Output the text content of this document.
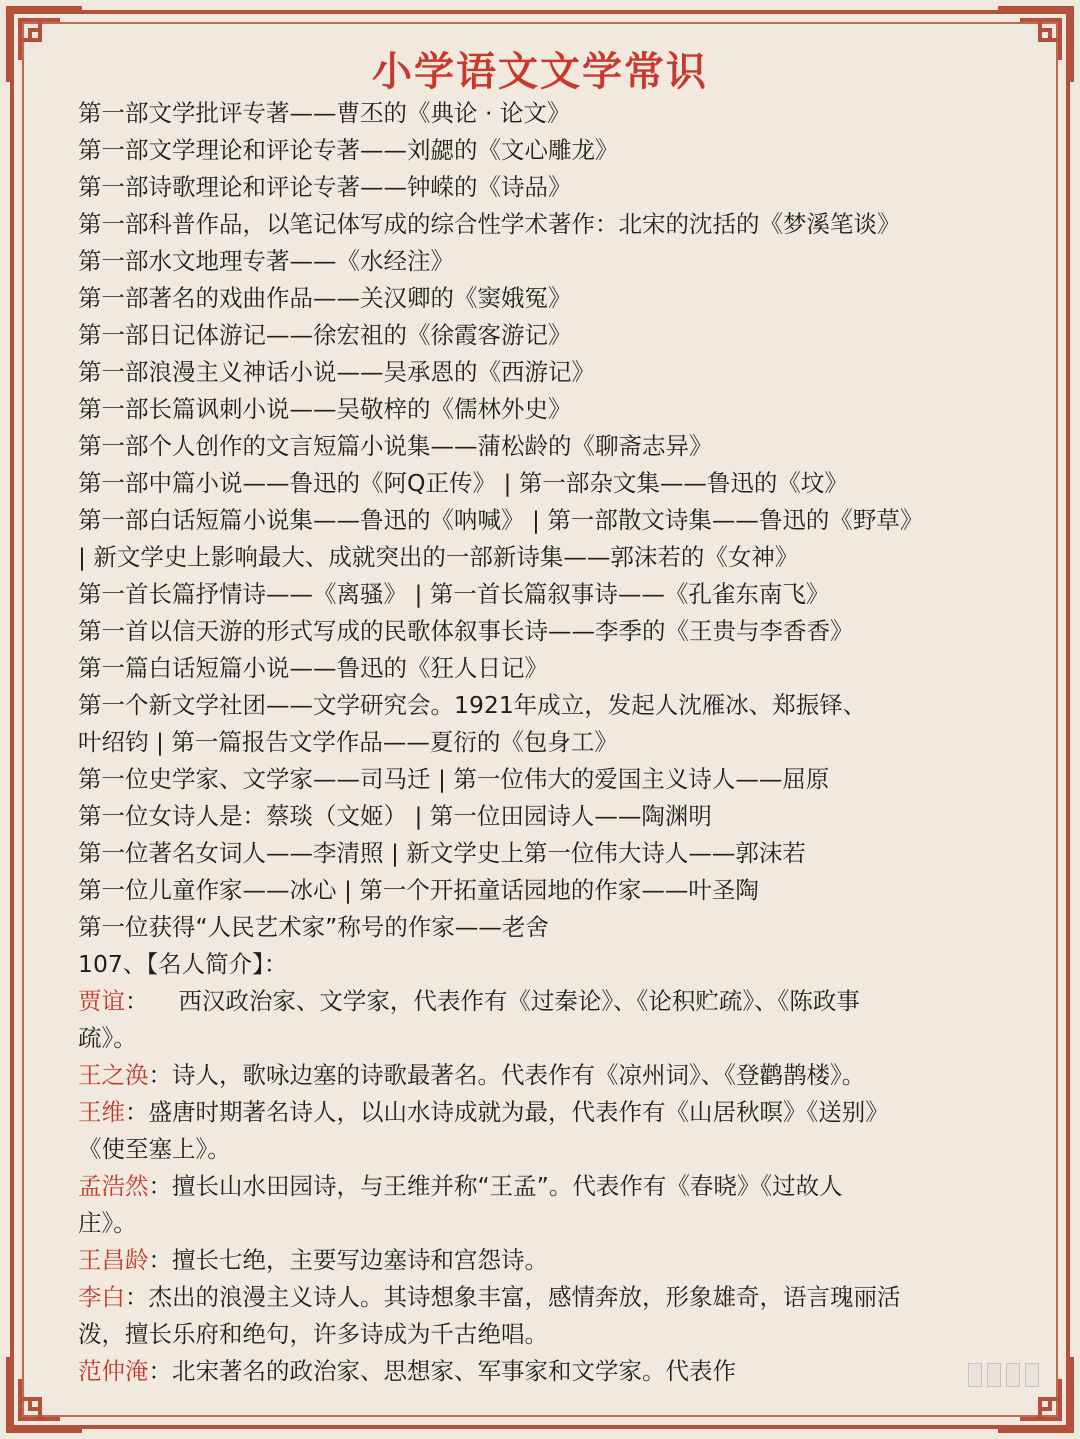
小学语文文学常识
第一部文学批评专著——曹丕的《典论 · 论文》
第一部文学理论和评论专著——刘勰的《文心雕龙》
第一部诗歌理论和评论专著——钟嵘的《诗品》
第一部科普作品，以笔记体写成的综合性学术著作：北宋的沈括的《梦溪笔谈》
第一部水文地理专著——《水经注》
第一部著名的戏曲作品——关汉卿的《窦娥冤》
第一部日记体游记——徐宏祖的《徐霞客游记》
第一部浪漫主义神话小说——吴承恩的《西游记》
第一部长篇讽刺小说——吴敬梓的《儒林外史》
第一部个人创作的文言短篇小说集——蒲松龄的《聊斋志异》
第一部中篇小说——鲁迅的《阿Q正传》 | 第一部杂文集——鲁迅的《坟》
第一部白话短篇小说集——鲁迅的《呐喊》 | 第一部散文诗集——鲁迅的《野草》
| 新文学史上影响最大、成就突出的一部新诗集——郭沫若的《女神》
第一首长篇抒情诗——《离骚》 | 第一首长篇叙事诗——《孔雀东南飞》
第一首以信天游的形式写成的民歌体叙事长诗——李季的《王贵与李香香》
第一篇白话短篇小说——鲁迅的《狂人日记》
第一个新文学社团——文学研究会。1921年成立，发起人沈雁冰、郑振铎、
叶绍钧 | 第一篇报告文学作品——夏衍的《包身工》
第一位史学家、文学家——司马迁 | 第一位伟大的爱国主义诗人——屈原
第一位女诗人是：蔡琰（文姬） | 第一位田园诗人——陶渊明
第一位著名女词人——李清照 | 新文学史上第一位伟大诗人——郭沫若
第一位儿童作家——冰心 | 第一个开拓童话园地的作家——叶圣陶
第一位获得“人民艺术家”称号的作家——老舍
107、【名人简介】：
贾谊：    西汉政治家、文学家，代表作有《过秦论》、《论积贮疏》、《陈政事
疏》。
王之涣：诗人，歌咏边塞的诗歌最著名。代表作有《凉州词》、《登鹳鹊楼》。
王维：盛唐时期著名诗人，以山水诗成就为最，代表作有《山居秋暝》《送别》
《使至塞上》。
孟浩然：擅长山水田园诗，与王维并称“王孟”。代表作有《春晓》《过故人
庄》。
王昌龄：擅长七绝，主要写边塞诗和宫怨诗。
李白：杰出的浪漫主义诗人。其诗想象丰富，感情奔放，形象雄奇，语言瑰丽活
泼，擅长乐府和绝句，许多诗成为千古绝唱。
范仲淹：北宋著名的政治家、思想家、军事家和文学家。代表作
